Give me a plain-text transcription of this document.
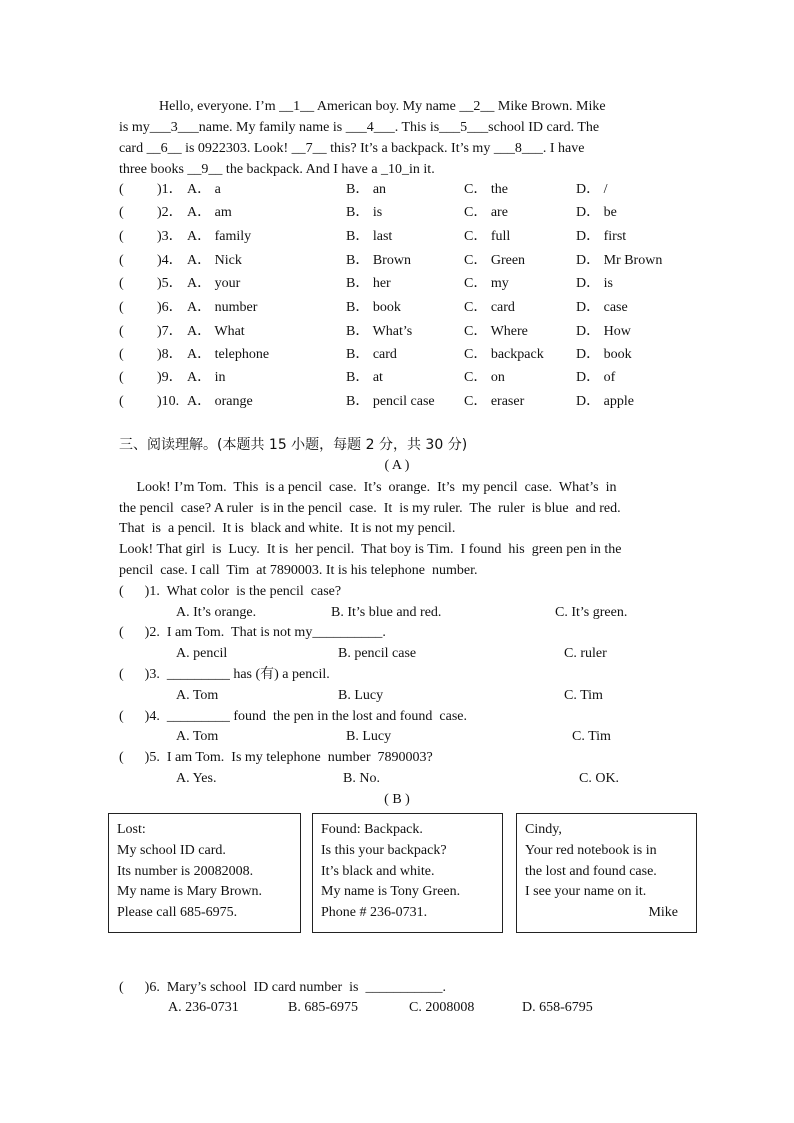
Hello, everyone. I’m __1__ American boy. My name __2__ Mike Brown. Mike
is my___3___name. My family name is ___4___. This is___5___school ID card. The
card __6__ is 0922303. Look! __7__ this? It’s a backpack. It’s my ___8___. I have
three books __9__ the backpack. And I have a _10_in it.
( )1． A． a	B． an	C． the	D． /
( )2． A． am	B． is	C． are	D． be
( )3． A． family	B． last	C． full	D． first
( )4． A． Nick	B． Brown	C． Green	D． Mr Brown
( )5． A． your	B． her	C． my	D． is
( )6． A． number	B． book	C． card	D． case
( )7． A． What	B． What’s	C． Where	D． How
( )8． A． telephone	B． card	C． backpack D． book
( )9． A． in	B． at	C． on	D． of
( )10. A． orange	B． pencil case C． eraser	D． apple
三、阅读理解。(本题共 15 小题，每题 2 分，共 30 分)
( A )
Look! I’m Tom.  This  is a pencil  case.  It’s  orange.  It’s  my pencil  case.  What’s  in
the pencil  case? A ruler  is in the pencil  case.  It  is my ruler.  The  ruler  is blue  and red.
That  is  a pencil.  It is  black and white.  It is not my pencil.
Look! That girl  is  Lucy.  It is  her pencil.  That boy is Tim.  I found  his  green pen in the
pencil  case. I call  Tim  at 7890003. It is his telephone  number.
(      )1.  What color  is the pencil  case?
A. It’s orange.	B. It’s blue and red.	C. It’s green.
(      )2.  I am Tom.  That is not my__________.
A. pencil	B. pencil case	C. ruler
(      )3.  _________ has (有) a pencil.
A. Tom	B. Lucy	C. Tim
(      )4.  _________ found  the pen in the lost and found  case.
A. Tom	B. Lucy	C. Tim
(      )5.  I am Tom.  Is my telephone  number  7890003?
A. Yes.	B. No.	C. OK.
( B )
Lost:
My school ID card.
Its number is 20082008.
My name is Mary Brown.
Please call 685-6975.
Found: Backpack.
Is this your backpack?
It’s black and white.
My name is Tony Green.
Phone # 236-0731.
Cindy,
Your red notebook is in
the lost and found case.
I see your name on it.
Mike
(      )6.  Mary’s school  ID card number  is  ___________.
A. 236-0731	B. 685-6975	C. 2008008	D. 658-6795
